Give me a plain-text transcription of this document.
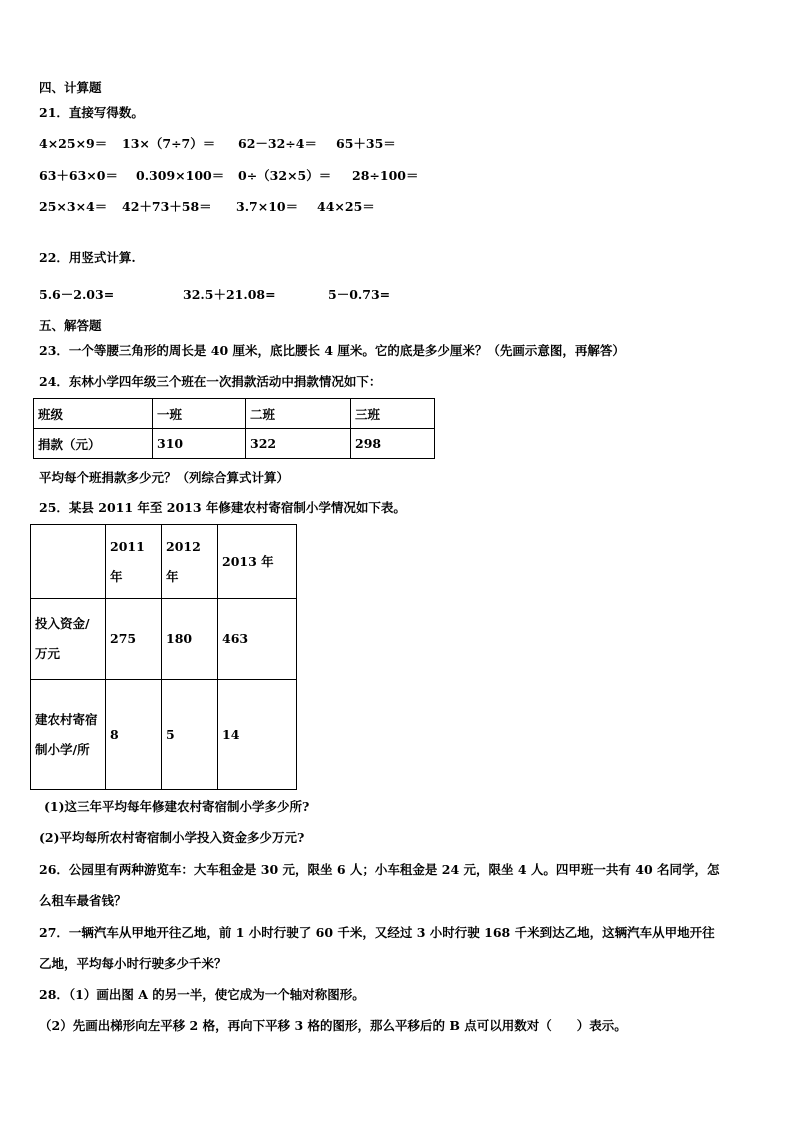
四、计算题
21．直接写得数。
4×25×9＝ 13×（7÷7）＝ 62－32÷4＝ 65＋35＝
63＋63×0＝ 0.309×100＝ 0÷（32×5）＝ 28÷100＝
25×3×4＝ 42＋73＋58＝ 3.7×10＝ 44×25＝
22．用竖式计算.
5.6－2.03=	32.5＋21.08=	5－0.73=
五、解答题
23．一个等腰三角形的周长是 40 厘米，底比腰长 4 厘米。它的底是多少厘米？（先画示意图，再解答）
24．东林小学四年级三个班在一次捐款活动中捐款情况如下：
班级	一班	二班	三班
捐款（元）	310	322	298
平均每个班捐款多少元？（列综合算式计算）
25．某县 2011 年至 2013 年修建农村寄宿制小学情况如下表。
	2011 年	2012 年	2013 年
投入资金/万元	275	180	463
建农村寄宿制小学/所	8	5	14
(1)这三年平均每年修建农村寄宿制小学多少所?
(2)平均每所农村寄宿制小学投入资金多少万元?
26．公园里有两种游览车：大车租金是 30 元，限坐 6 人；小车租金是 24 元，限坐 4 人。四甲班一共有 40 名同学，怎
么租车最省钱？
27．一辆汽车从甲地开往乙地，前 1 小时行驶了 60 千米，又经过 3 小时行驶 168 千米到达乙地，这辆汽车从甲地开往
乙地，平均每小时行驶多少千米？
28．（1）画出图 A 的另一半，使它成为一个轴对称图形。
（2）先画出梯形向左平移 2 格，再向下平移 3 格的图形，那么平移后的 B 点可以用数对（　　）表示。
